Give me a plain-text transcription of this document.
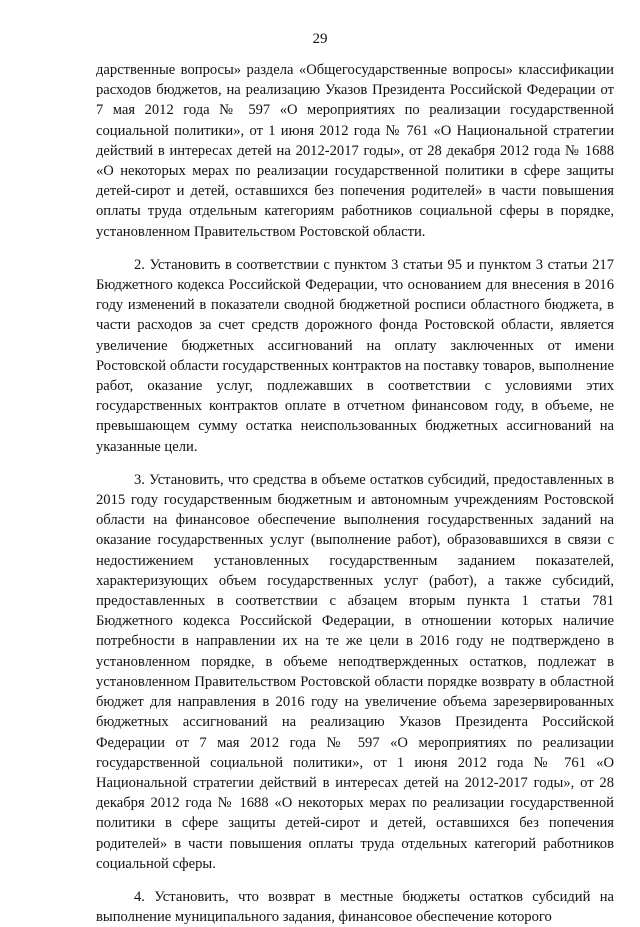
29

дарственные вопросы» раздела «Общегосударственные вопросы» классификации расходов бюджетов, на реализацию Указов Президента Российской Федерации от 7 мая 2012 года № 597 «О мероприятиях по реализации государственной социальной политики», от 1 июня 2012 года № 761 «О Национальной стратегии действий в интересах детей на 2012-2017 годы», от 28 декабря 2012 года № 1688 «О некоторых мерах по реализации государственной политики в сфере защиты детей-сирот и детей, оставшихся без попечения родителей» в части повышения оплаты труда отдельным категориям работников социальной сферы в порядке, установленном Правительством Ростовской области.

2. Установить в соответствии с пунктом 3 статьи 95 и пунктом 3 статьи 217 Бюджетного кодекса Российской Федерации, что основанием для внесения в 2016 году изменений в показатели сводной бюджетной росписи областного бюджета, в части расходов за счет средств дорожного фонда Ростовской области, является увеличение бюджетных ассигнований на оплату заключенных от имени Ростовской области государственных контрактов на поставку товаров, выполнение работ, оказание услуг, подлежавших в соответствии с условиями этих государственных контрактов оплате в отчетном финансовом году, в объеме, не превышающем сумму остатка неиспользованных бюджетных ассигнований на указанные цели.

3. Установить, что средства в объеме остатков субсидий, предоставленных в 2015 году государственным бюджетным и автономным учреждениям Ростовской области на финансовое обеспечение выполнения государственных заданий на оказание государственных услуг (выполнение работ), образовавшихся в связи с недостижением установленных государственным заданием показателей, характеризующих объем государственных услуг (работ), а также субсидий, предоставленных в соответствии с абзацем вторым пункта 1 статьи 781 Бюджетного кодекса Российской Федерации, в отношении которых наличие потребности в направлении их на те же цели в 2016 году не подтверждено в установленном порядке, в объеме неподтвержденных остатков, подлежат в установленном Правительством Ростовской области порядке возврату в областной бюджет для направления в 2016 году на увеличение объема зарезервированных бюджетных ассигнований на реализацию Указов Президента Российской Федерации от 7 мая 2012 года № 597 «О мероприятиях по реализации государственной социальной политики», от 1 июня 2012 года № 761 «О Национальной стратегии действий в интересах детей на 2012-2017 годы», от 28 декабря 2012 года № 1688 «О некоторых мерах по реализации государственной политики в сфере защиты детей-сирот и детей, оставшихся без попечения родителей» в части повышения оплаты труда отдельных категорий работников социальной сферы.

4. Установить, что возврат в местные бюджеты остатков субсидий на выполнение муниципального задания, финансовое обеспечение которого
